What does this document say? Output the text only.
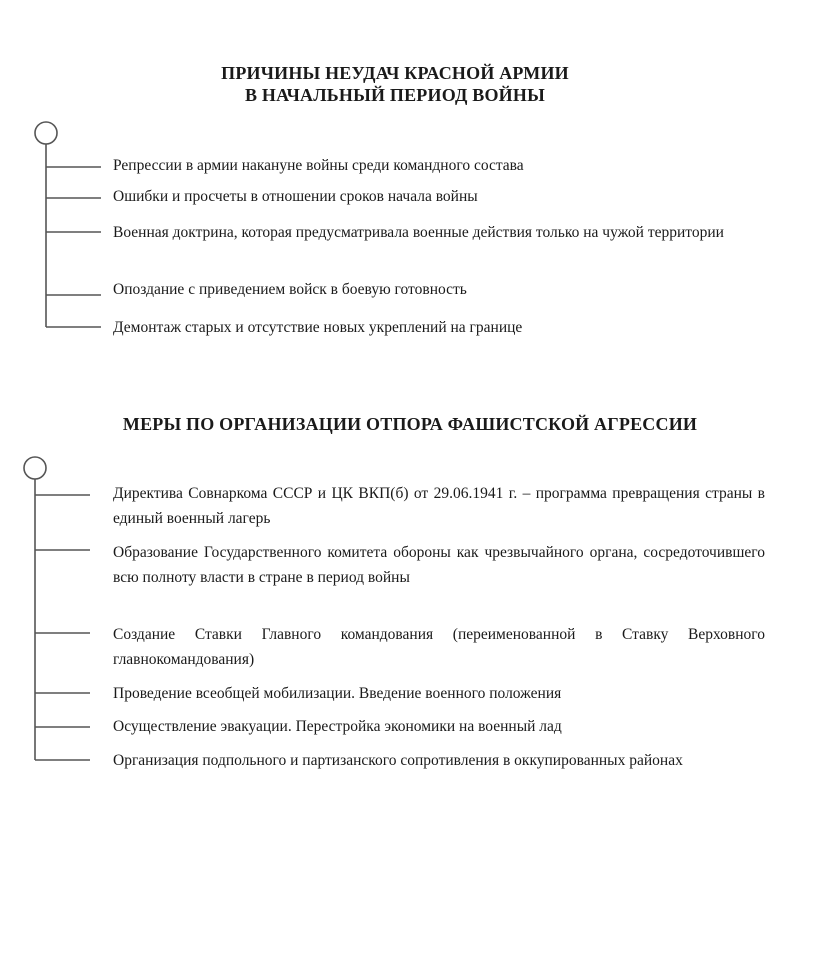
ПРИЧИНЫ НЕУДАЧ КРАСНОЙ АРМИИ
В НАЧАЛЬНЫЙ ПЕРИОД ВОЙНЫ
Репрессии в армии накануне войны среди командного состава
Ошибки и просчеты в отношении сроков начала войны
Военная доктрина, которая предусматривала военные действия только на чужой территории
Опоздание с приведением войск в боевую готовность
Демонтаж старых и отсутствие новых укреплений на границе
МЕРЫ ПО ОРГАНИЗАЦИИ ОТПОРА ФАШИСТСКОЙ АГРЕССИИ
Директива Совнаркома СССР и ЦК ВКП(б) от 29.06.1941 г. – программа превращения страны в единый военный лагерь
Образование Государственного комитета обороны как чрезвычайного органа, сосредоточившего всю полноту власти в стране в период войны
Создание Ставки Главного командования (переименованной в Ставку Верховного главнокомандования)
Проведение всеобщей мобилизации. Введение военного положения
Осуществление эвакуации. Перестройка экономики на военный лад
Организация подпольного и партизанского сопротивления в оккупированных районах
